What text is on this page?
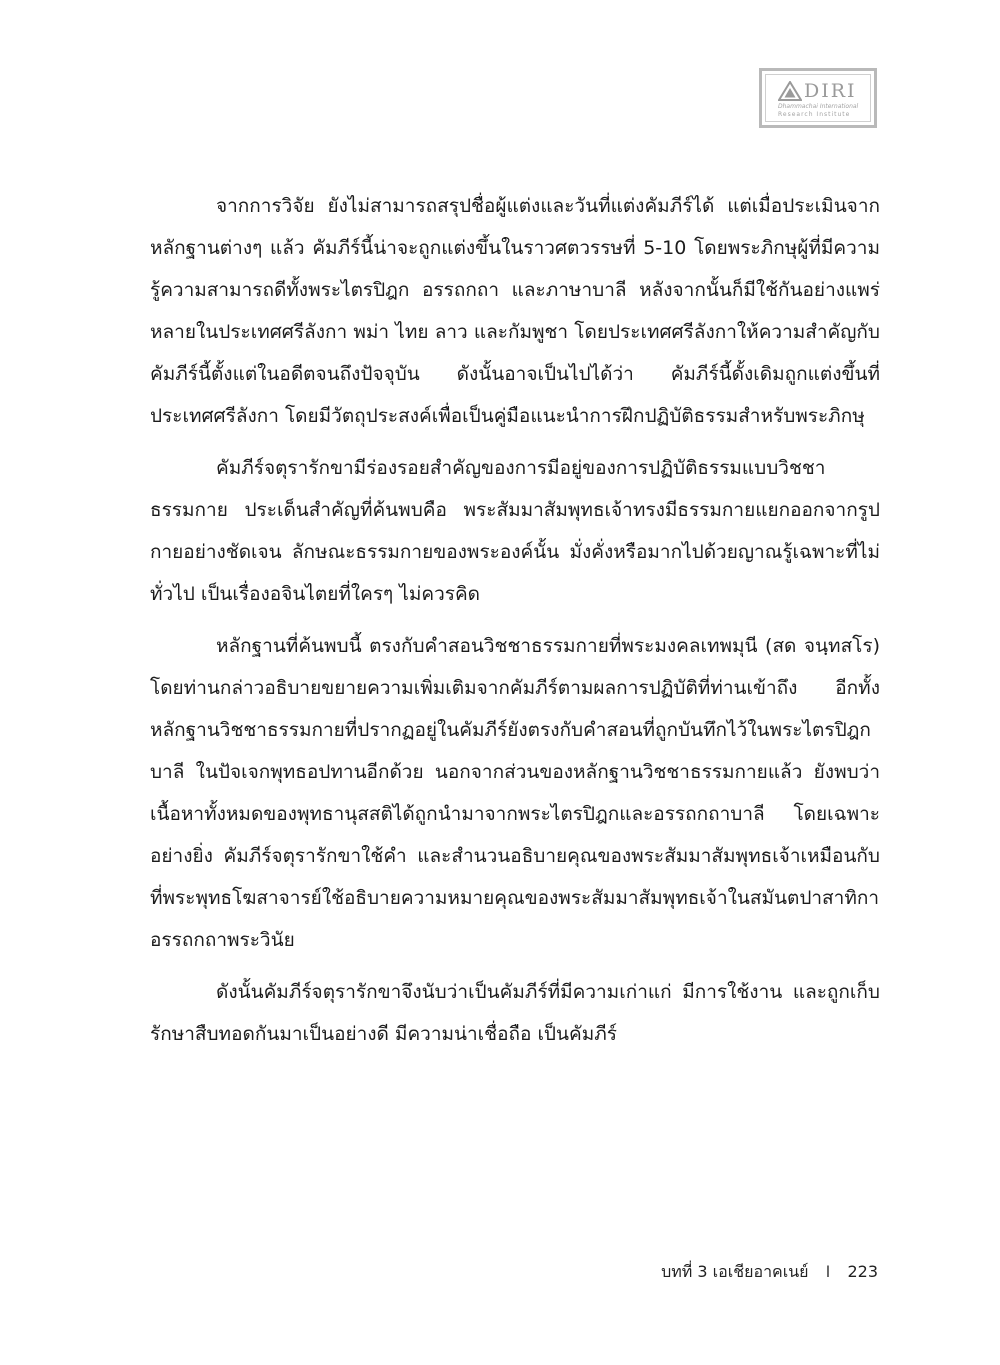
DIRI
Dhammachai International
Research Institute

จากการวิจัย ยังไม่สามารถสรุปชื่อผู้แต่งและวันที่แต่งคัมภีร์ได้ แต่เมื่อประเมินจากหลักฐานต่างๆ แล้ว คัมภีร์นี้น่าจะถูกแต่งขึ้นในราวศตวรรษที่ 5-10 โดยพระภิกษุผู้ที่มีความรู้ความสามารถดีทั้งพระไตรปิฎก อรรถกถา และภาษาบาลี หลังจากนั้นก็มีใช้กันอย่างแพร่หลายในประเทศศรีลังกา พม่า ไทย ลาว และกัมพูชา โดยประเทศศรีลังกาให้ความสำคัญกับคัมภีร์นี้ตั้งแต่ในอดีตจนถึงปัจจุบัน ดังนั้นอาจเป็นไปได้ว่า คัมภีร์นี้ดั้งเดิมถูกแต่งขึ้นที่ประเทศศรีลังกา โดยมีวัตถุประสงค์เพื่อเป็นคู่มือแนะนำการฝึกปฏิบัติธรรมสำหรับพระภิกษุ

คัมภีร์จตุรารักขามีร่องรอยสำคัญของการมีอยู่ของการปฏิบัติธรรมแบบวิชชาธรรมกาย ประเด็นสำคัญที่ค้นพบคือ พระสัมมาสัมพุทธเจ้าทรงมีธรรมกายแยกออกจากรูปกายอย่างชัดเจน ลักษณะธรรมกายของพระองค์นั้น มั่งคั่งหรือมากไปด้วยญาณรู้เฉพาะที่ไม่ทั่วไป เป็นเรื่องอจินไตยที่ใครๆ ไม่ควรคิด

หลักฐานที่ค้นพบนี้ ตรงกับคำสอนวิชชาธรรมกายที่พระมงคลเทพมุนี (สด จนฺทสโร) โดยท่านกล่าวอธิบายขยายความเพิ่มเติมจากคัมภีร์ตามผลการปฏิบัติที่ท่านเข้าถึง อีกทั้งหลักฐานวิชชาธรรมกายที่ปรากฏอยู่ในคัมภีร์ยังตรงกับคำสอนที่ถูกบันทึกไว้ในพระไตรปิฎกบาลี ในปัจเจกพุทธอปทานอีกด้วย นอกจากส่วนของหลักฐานวิชชาธรรมกายแล้ว ยังพบว่าเนื้อหาทั้งหมดของพุทธานุสสติได้ถูกนำมาจากพระไตรปิฎกและอรรถกถาบาลี โดยเฉพาะอย่างยิ่ง คัมภีร์จตุรารักขาใช้คำ และสำนวนอธิบายคุณของพระสัมมาสัมพุทธเจ้าเหมือนกับที่พระพุทธโฆสาจารย์ใช้อธิบายความหมายคุณของพระสัมมาสัมพุทธเจ้าในสมันตปาสาทิกา อรรถกถาพระวินัย

ดังนั้นคัมภีร์จตุรารักขาจึงนับว่าเป็นคัมภีร์ที่มีความเก่าแก่ มีการใช้งาน และถูกเก็บรักษาสืบทอดกันมาเป็นอย่างดี มีความน่าเชื่อถือ เป็นคัมภีร์

บทที่ 3 เอเชียอาคเนย์ I 223
